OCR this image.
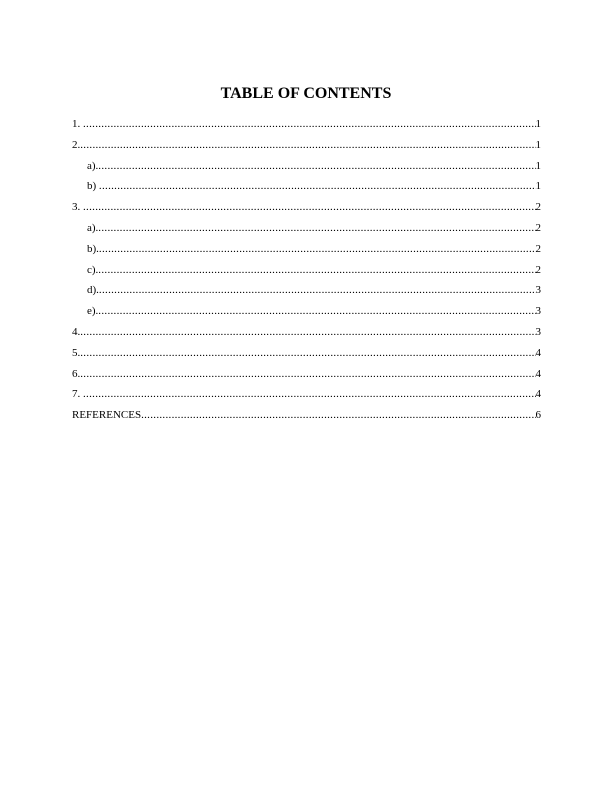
TABLE OF CONTENTS
1. .....	1
2. .....	1
a). .....	1
b) .....	1
3. .....	2
a). .....	2
b). .....	2
c). .....	2
d). .....	3
e). .....	3
4. .....	3
5. .....	4
6. .....	4
7. .....	4
REFERENCES .....	6
